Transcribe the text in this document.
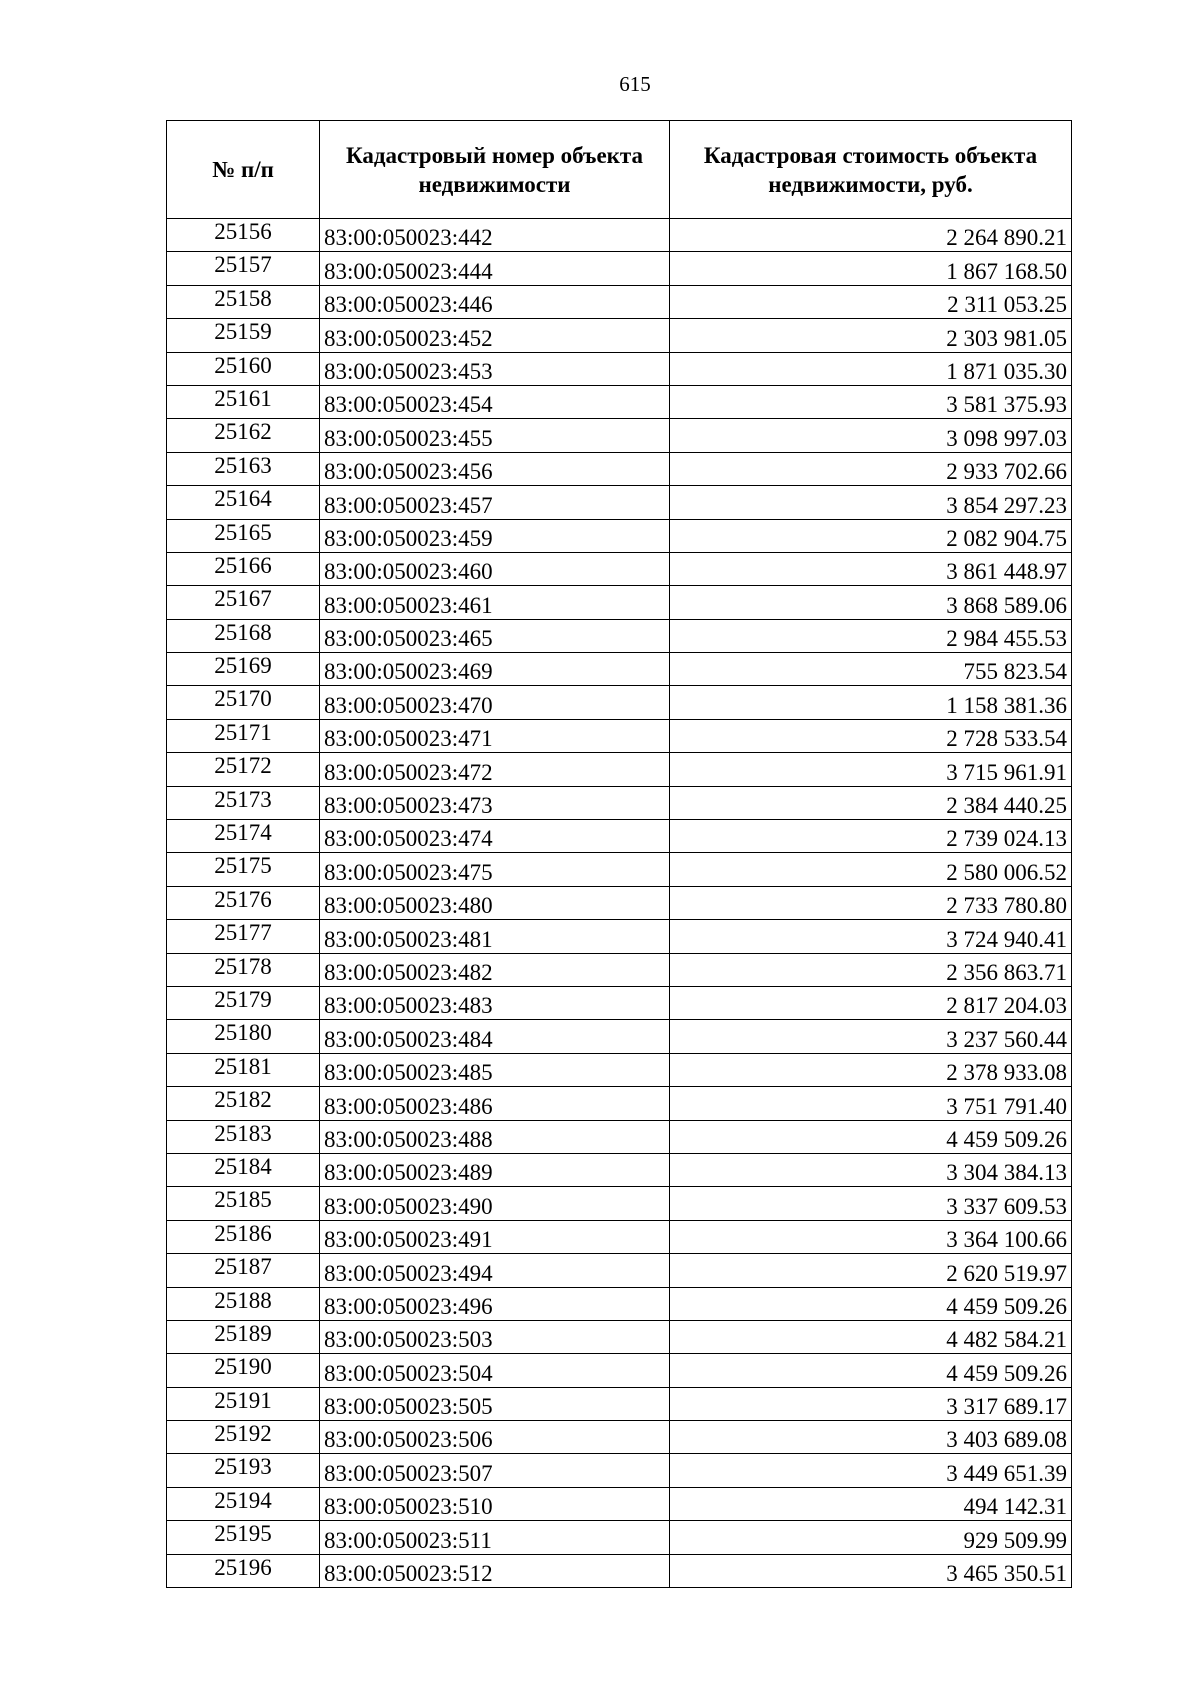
615
№ п/п	Кадастровый номер объекта недвижимости	Кадастровая стоимость объекта недвижимости, руб.
25156	83:00:050023:442	2 264 890.21
25157	83:00:050023:444	1 867 168.50
25158	83:00:050023:446	2 311 053.25
25159	83:00:050023:452	2 303 981.05
25160	83:00:050023:453	1 871 035.30
25161	83:00:050023:454	3 581 375.93
25162	83:00:050023:455	3 098 997.03
25163	83:00:050023:456	2 933 702.66
25164	83:00:050023:457	3 854 297.23
25165	83:00:050023:459	2 082 904.75
25166	83:00:050023:460	3 861 448.97
25167	83:00:050023:461	3 868 589.06
25168	83:00:050023:465	2 984 455.53
25169	83:00:050023:469	755 823.54
25170	83:00:050023:470	1 158 381.36
25171	83:00:050023:471	2 728 533.54
25172	83:00:050023:472	3 715 961.91
25173	83:00:050023:473	2 384 440.25
25174	83:00:050023:474	2 739 024.13
25175	83:00:050023:475	2 580 006.52
25176	83:00:050023:480	2 733 780.80
25177	83:00:050023:481	3 724 940.41
25178	83:00:050023:482	2 356 863.71
25179	83:00:050023:483	2 817 204.03
25180	83:00:050023:484	3 237 560.44
25181	83:00:050023:485	2 378 933.08
25182	83:00:050023:486	3 751 791.40
25183	83:00:050023:488	4 459 509.26
25184	83:00:050023:489	3 304 384.13
25185	83:00:050023:490	3 337 609.53
25186	83:00:050023:491	3 364 100.66
25187	83:00:050023:494	2 620 519.97
25188	83:00:050023:496	4 459 509.26
25189	83:00:050023:503	4 482 584.21
25190	83:00:050023:504	4 459 509.26
25191	83:00:050023:505	3 317 689.17
25192	83:00:050023:506	3 403 689.08
25193	83:00:050023:507	3 449 651.39
25194	83:00:050023:510	494 142.31
25195	83:00:050023:511	929 509.99
25196	83:00:050023:512	3 465 350.51
